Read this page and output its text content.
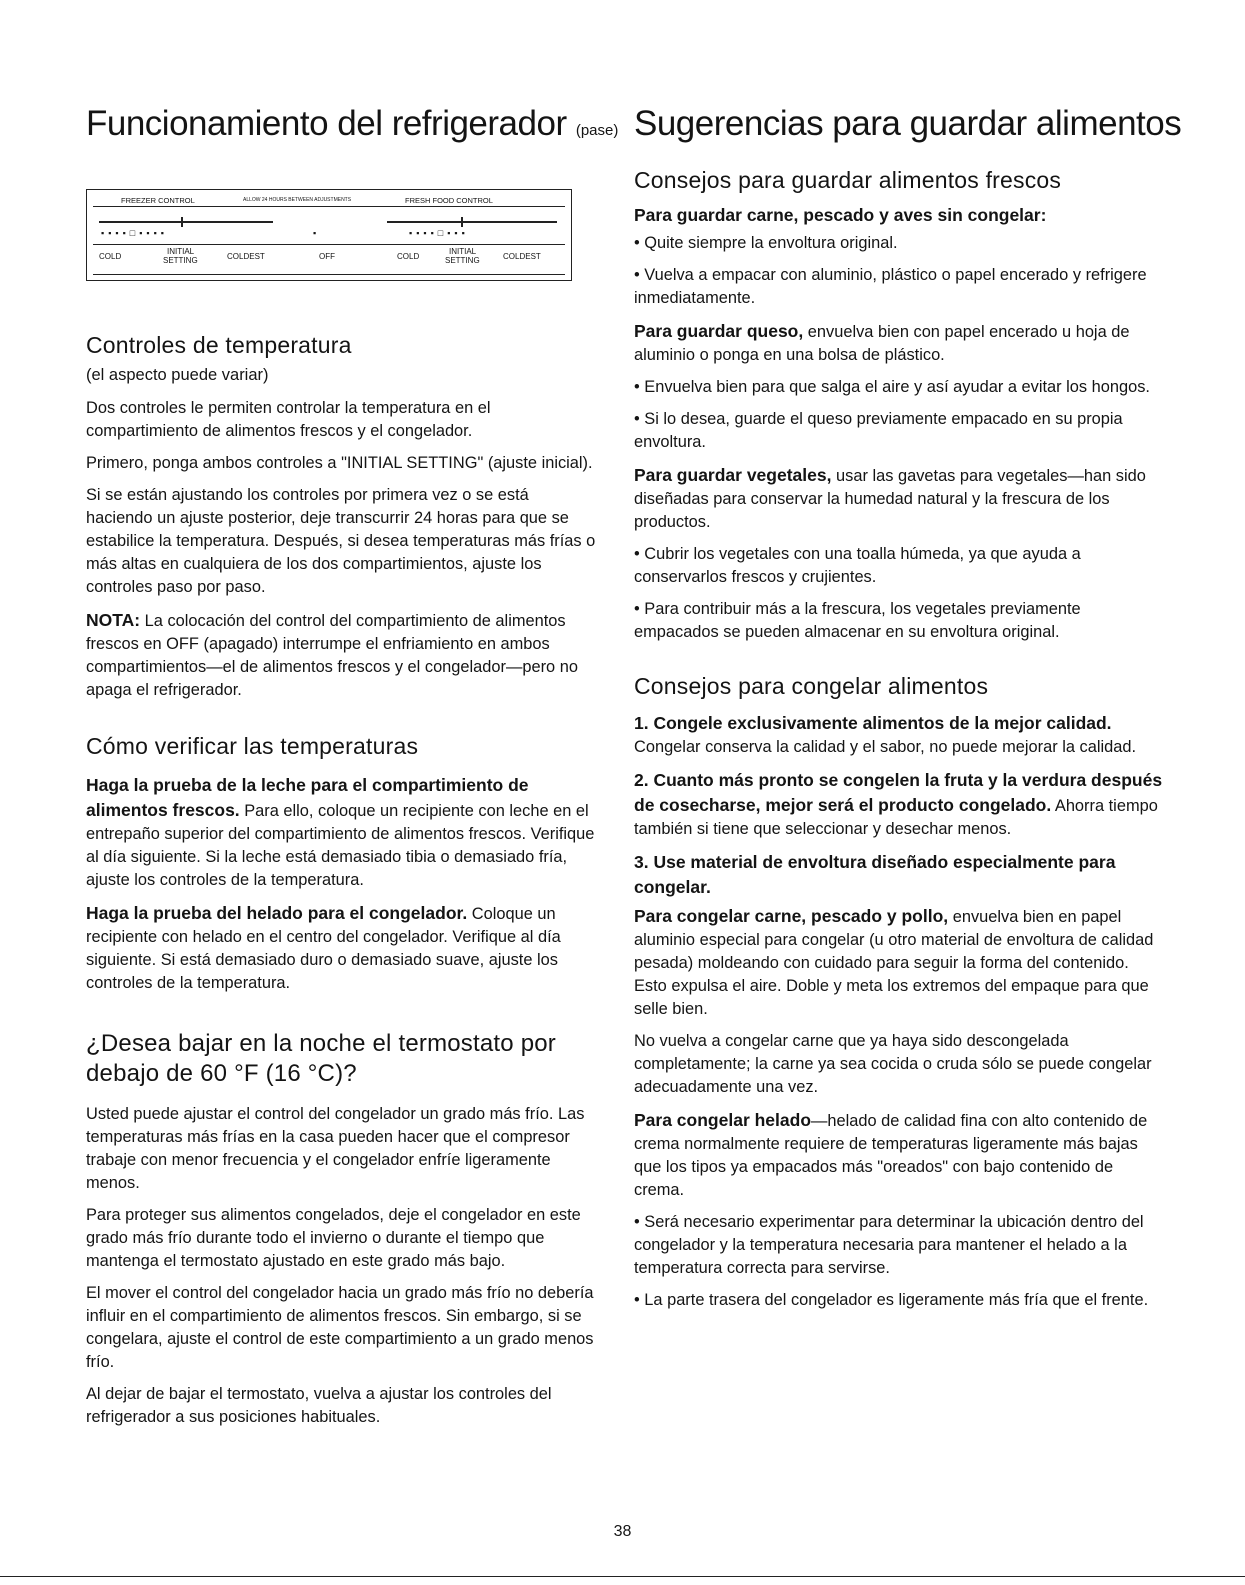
Funcionamiento del refrigerador (pase)
FREEZER CONTROL	ALLOW 24 HOURS BETWEEN ADJUSTMENTS	FRESH FOOD CONTROL
▪▪▪▪□▪▪▪▪	▪	▪▪▪▪□▪▪▪
COLD
INITIAL
SETTING	COLDEST	OFF	COLD
INITIAL
SETTING	COLDEST
Controles de temperatura
(el aspecto puede variar)

Dos controles le permiten controlar la temperatura en el compartimiento de alimentos frescos y el congelador.

Primero, ponga ambos controles a "INITIAL SETTING" (ajuste inicial).

Si se están ajustando los controles por primera vez o se está haciendo un ajuste posterior, deje transcurrir 24 horas para que se estabilice la temperatura. Después, si desea temperaturas más frías o más altas en cualquiera de los dos compartimientos, ajuste los controles paso por paso.

NOTA: La colocación del control del compartimiento de alimentos frescos en OFF (apagado) interrumpe el enfriamiento en ambos compartimientos—el de alimentos frescos y el congelador—pero no apaga el refrigerador.

Cómo verificar las temperaturas

Haga la prueba de la leche para el compartimiento de alimentos frescos. Para ello, coloque un recipiente con leche en el entrepaño superior del compartimiento de alimentos frescos. Verifique al día siguiente. Si la leche está demasiado tibia o demasiado fría, ajuste los controles de la temperatura.

Haga la prueba del helado para el congelador. Coloque un recipiente con helado en el centro del congelador. Verifique al día siguiente. Si está demasiado duro o demasiado suave, ajuste los controles de la temperatura.

¿Desea bajar en la noche el termostato por debajo de 60 °F (16 °C)?

Usted puede ajustar el control del congelador un grado más frío. Las temperaturas más frías en la casa pueden hacer que el compresor trabaje con menor frecuencia y el congelador enfríe ligeramente menos.

Para proteger sus alimentos congelados, deje el congelador en este grado más frío durante todo el invierno o durante el tiempo que mantenga el termostato ajustado en este grado más bajo.

El mover el control del congelador hacia un grado más frío no debería influir en el compartimiento de alimentos frescos. Sin embargo, si se congelara, ajuste el control de este compartimiento a un grado menos frío.

Al dejar de bajar el termostato, vuelva a ajustar los controles del refrigerador a sus posiciones habituales.

Sugerencias para guardar alimentos
Consejos para guardar alimentos frescos

Para guardar carne, pescado y aves sin congelar:

• Quite siempre la envoltura original.

• Vuelva a empacar con aluminio, plástico o papel encerado y refrigere inmediatamente.

Para guardar queso, envuelva bien con papel encerado u hoja de aluminio o ponga en una bolsa de plástico.

• Envuelva bien para que salga el aire y así ayudar a evitar los hongos.

• Si lo desea, guarde el queso previamente empacado en su propia envoltura.

Para guardar vegetales, usar las gavetas para vegetales—han sido diseñadas para conservar la humedad natural y la frescura de los productos.

• Cubrir los vegetales con una toalla húmeda, ya que ayuda a conservarlos frescos y crujientes.

• Para contribuir más a la frescura, los vegetales previamente empacados se pueden almacenar en su envoltura original.

Consejos para congelar alimentos

1. Congele exclusivamente alimentos de la mejor calidad. Congelar conserva la calidad y el sabor, no puede mejorar la calidad.

2. Cuanto más pronto se congelen la fruta y la verdura después de cosecharse, mejor será el producto congelado. Ahorra tiempo también si tiene que seleccionar y desechar menos.

3. Use material de envoltura diseñado especialmente para congelar.

Para congelar carne, pescado y pollo, envuelva bien en papel aluminio especial para congelar (u otro material de envoltura de calidad pesada) moldeando con cuidado para seguir la forma del contenido. Esto expulsa el aire. Doble y meta los extremos del empaque para que selle bien.

No vuelva a congelar carne que ya haya sido descongelada completamente; la carne ya sea cocida o cruda sólo se puede congelar adecuadamente una vez.

Para congelar helado—helado de calidad fina con alto contenido de crema normalmente requiere de temperaturas ligeramente más bajas que los tipos ya empacados más "oreados" con bajo contenido de crema.

• Será necesario experimentar para determinar la ubicación dentro del congelador y la temperatura necesaria para mantener el helado a la temperatura correcta para servirse.

• La parte trasera del congelador es ligeramente más fría que el frente.

38
